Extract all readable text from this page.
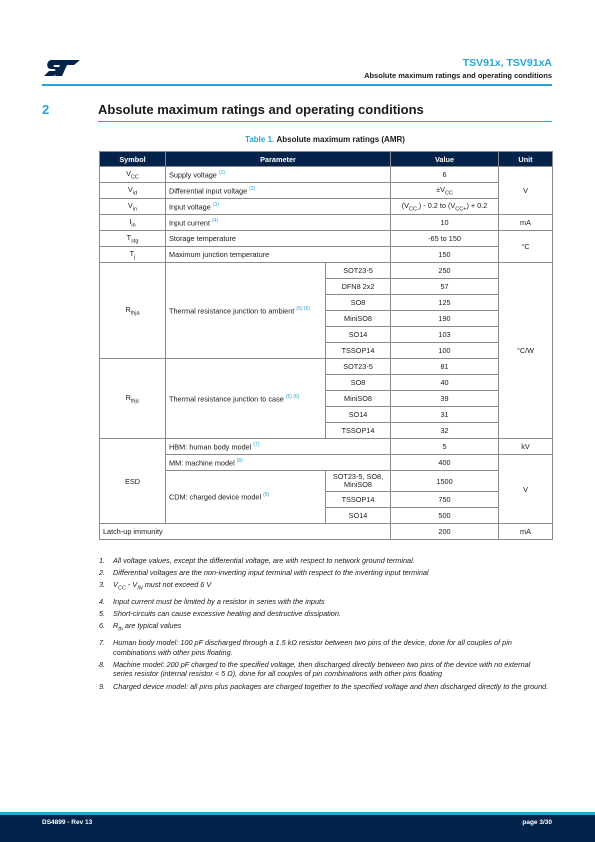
TSV91x, TSV91xA
Absolute maximum ratings and operating conditions
2	Absolute maximum ratings and operating conditions
Table 1. Absolute maximum ratings (AMR)
Symbol	Parameter		Value	Unit
$V_{CC}$	Supply voltage $^{(1)}$		6	V
$V_{id}$	Differential input voltage $^{(2)}$		$\pm V_{CC}$
$V_{in}$	Input voltage $^{(3)}$		$(V_{CC-}) - 0.2$ to $(V_{CC+}) + 0.2$	
$I_{in}$	Input current $^{(4)}$		10	mA
$T_{stg}$	Storage temperature		-65 to 150	°C
$T_j$	Maximum junction temperature		150	
$R_{thja}$	Thermal resistance junction to ambient $^{(5) (6)}$	SOT23-5	250	°C/W
		DFN8 2x2	57	
		SO8	125	
		MiniSO8	190	
		SO14	103	
		TSSOP14	100	
$R_{thjc}$	Thermal resistance junction to case $^{(5) (6)}$	SOT23-5	81	
		SO8	40	
		MiniSO8	39	
		SO14	31	
		TSSOP14	32	
ESD	HBM: human body model $^{(7)}$		5	kV
	MM: machine model $^{(8)}$		400	V
	CDM: charged device model $^{(9)}$	SOT23-5, SO8, MiniSO8	1500	
		TSSOP14	750	
		SO14	500	
Latch-up immunity			200	mA
1. All voltage values, except the differential voltage, are with respect to network ground terminal.
2. Differential voltages are the non-inverting input terminal with respect to the inverting input terminal
3. $V_{CC} - V_{IN}$ must not exceed 6 V
4. Input current must be limited by a resistor in series with the inputs
5. Short-circuits can cause excessive heating and destructive dissipation.
6. $R_{th}$ are typical values
7. Human body model: 100 pF discharged through a 1.5 kΩ resistor between two pins of the device, done for all couples of pin combinations with other pins floating.
8. Machine model: 200 pF charged to the specified voltage, then discharged directly between two pins of the device with no external series resistor (internal resistor < 5 Ω), done for all couples of pin combinations with other pins floating
9. Charged device model: all pins plus packages are charged together to the specified voltage and then discharged directly to the ground.
DS4899 - Rev 13	page 3/30
